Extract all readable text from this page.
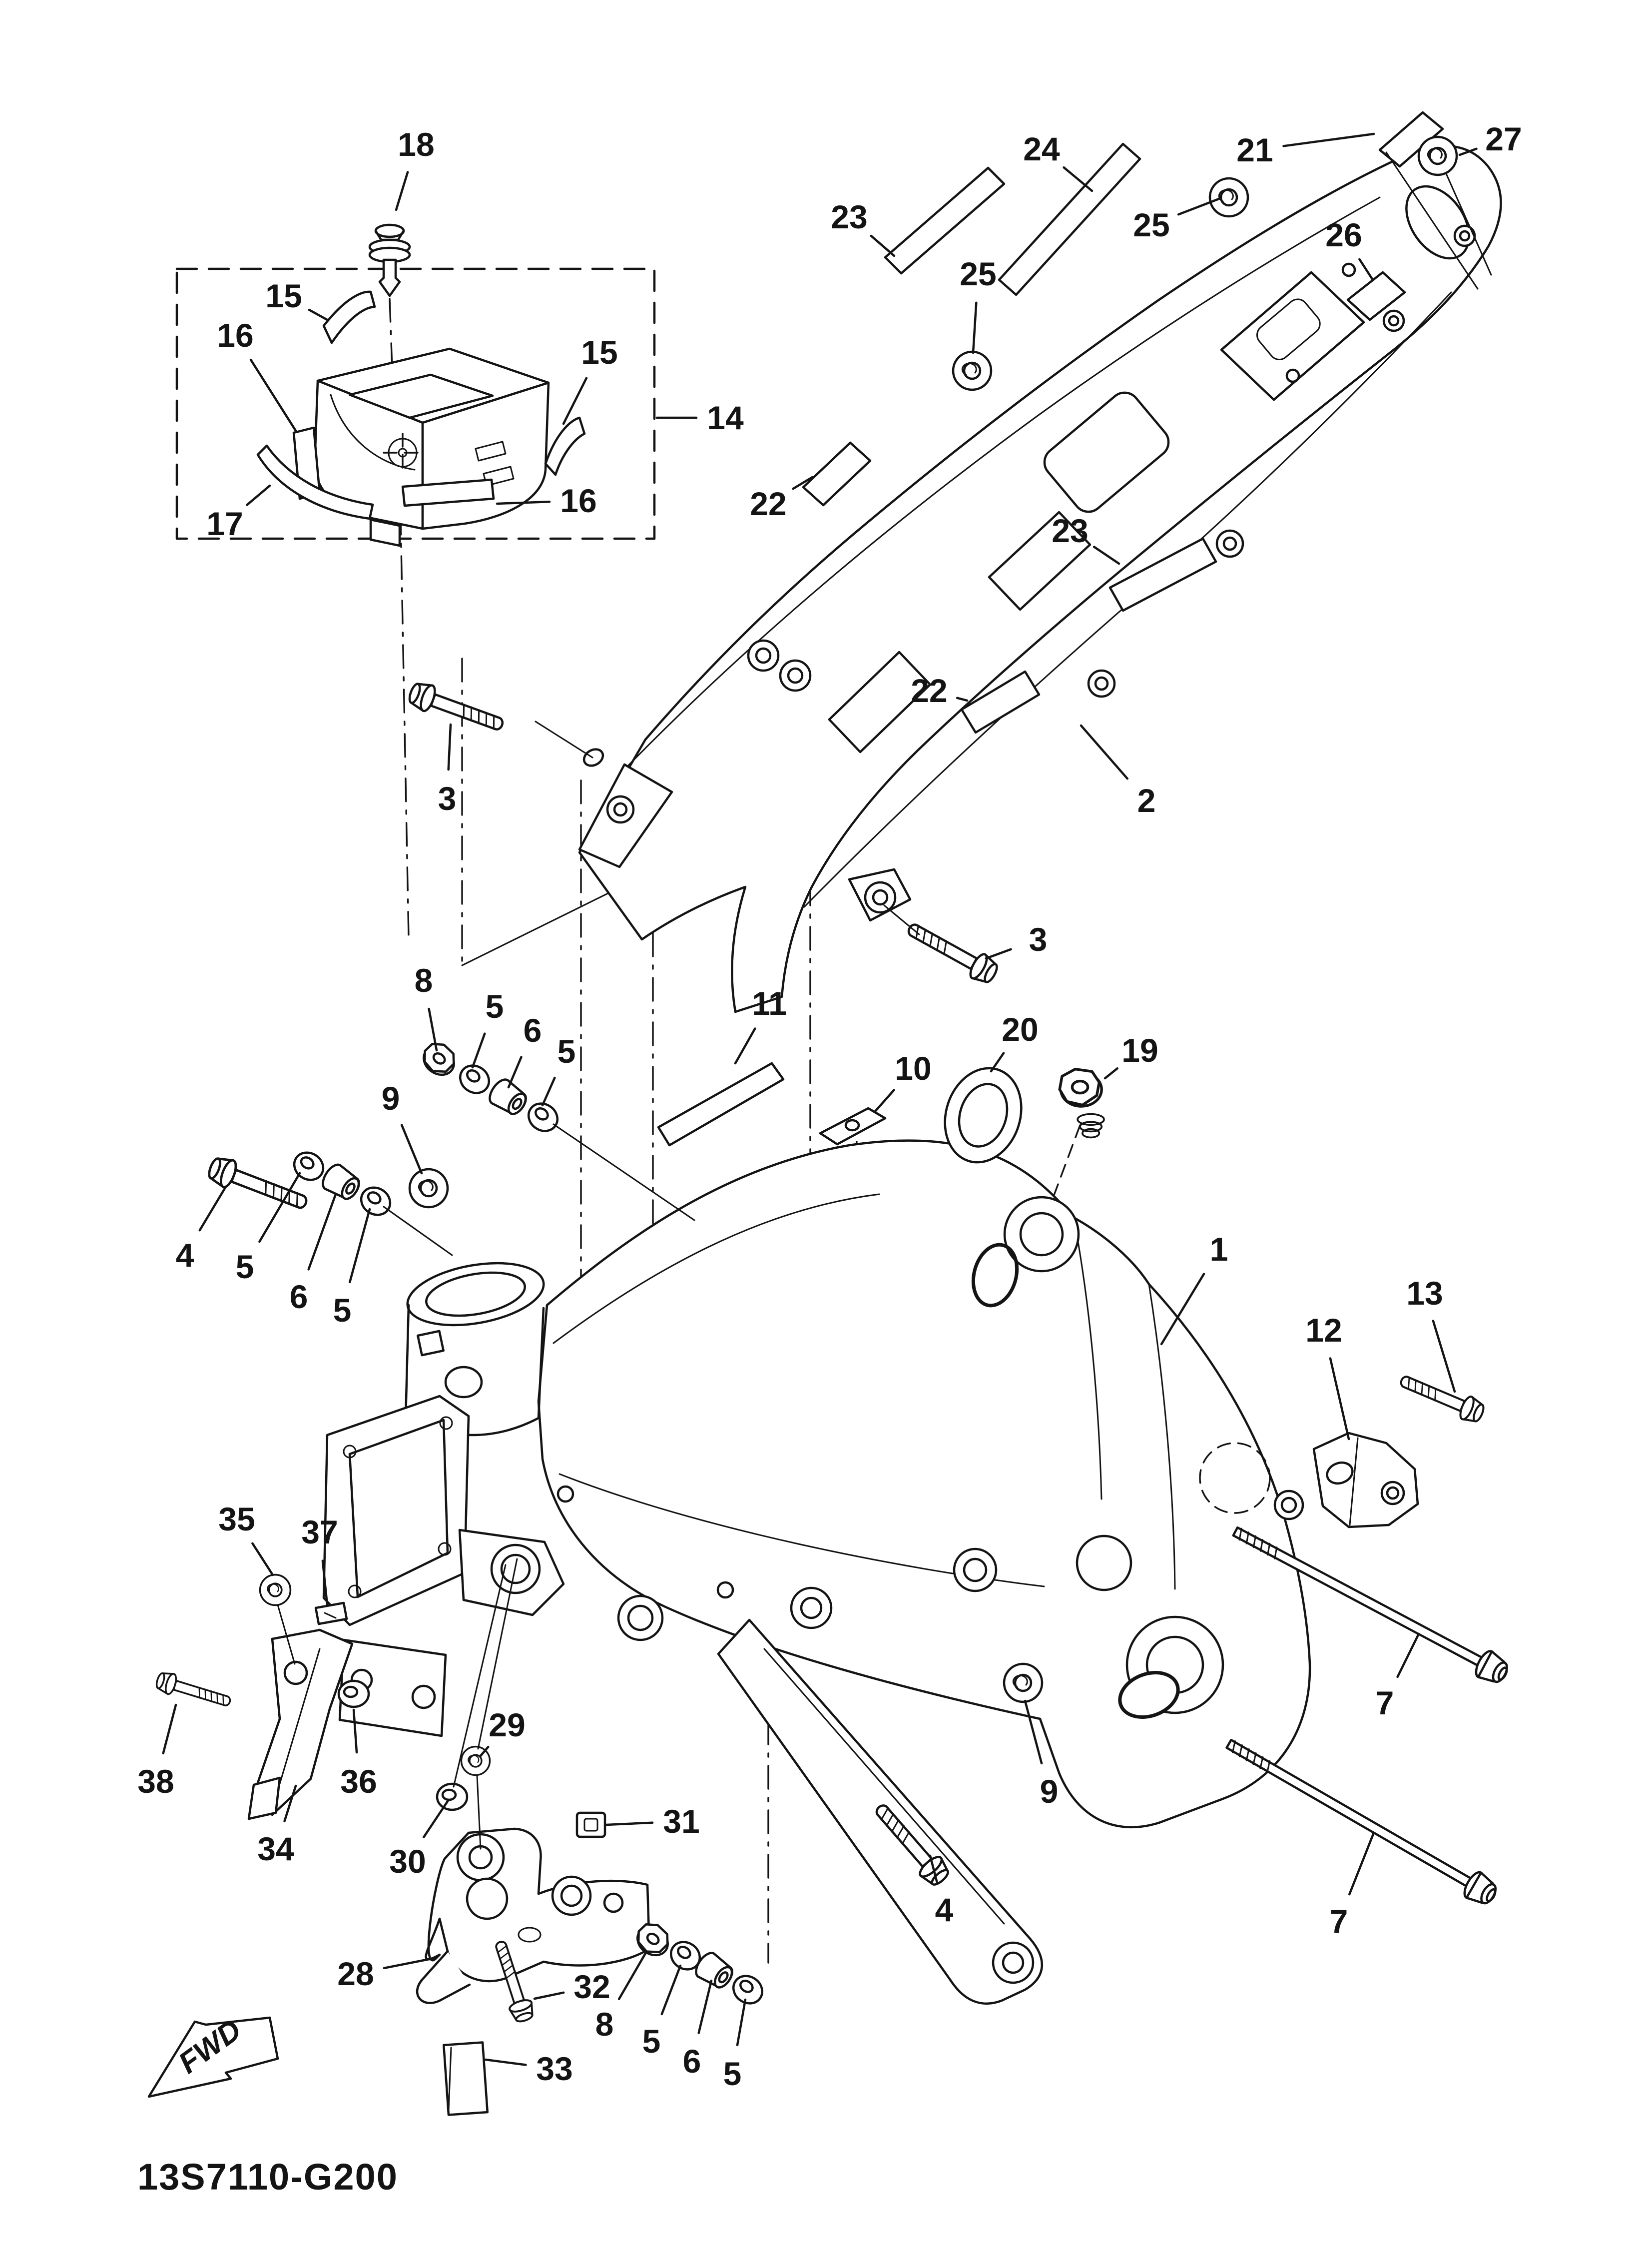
FWD
13S7110-G200
18
15
16	15
14
17
16
23
24	21	27
25	26
25
22
23
22
3	2
3
8
5
6
5
11
10
20
19
9
4 5
6 5
1
12
13
7
9
4	7
35 37
38	36
34
29
30
31
28	32
33
8 5
6 5
